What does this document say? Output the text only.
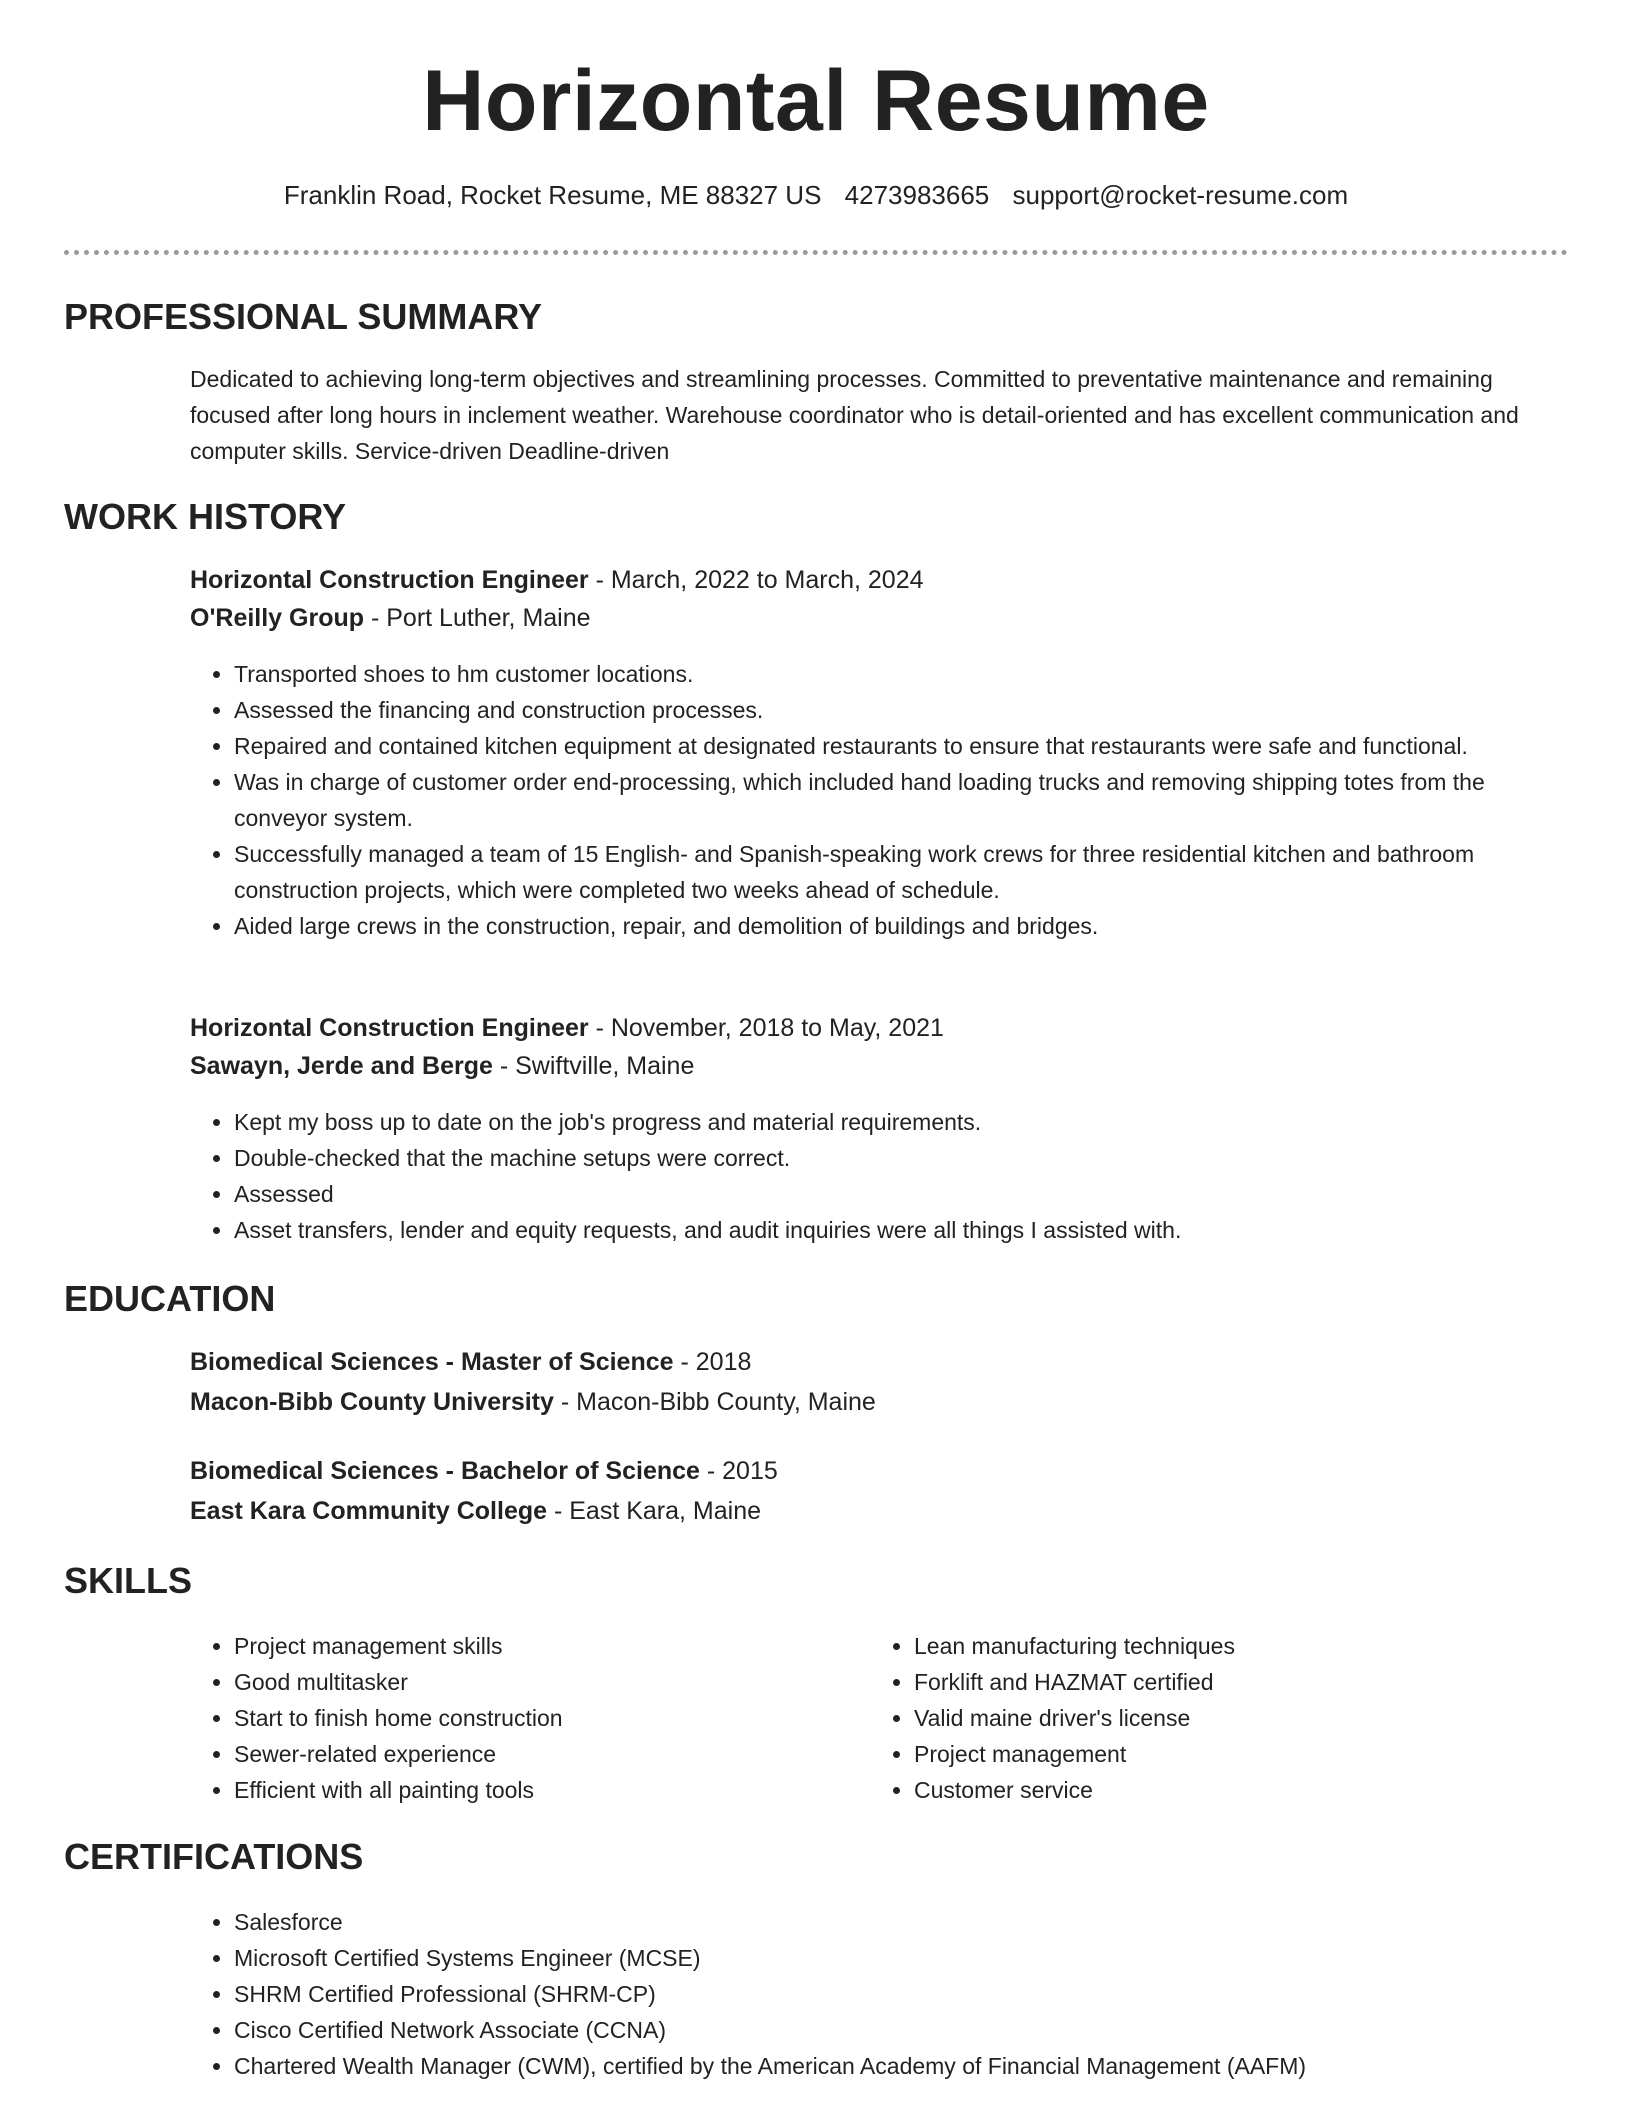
Horizontal Resume
Franklin Road, Rocket Resume, ME 88327 US 4273983665 support@rocket-resume.com
PROFESSIONAL SUMMARY
Dedicated to achieving long-term objectives and streamlining processes. Committed to preventative maintenance and remaining focused after long hours in inclement weather. Warehouse coordinator who is detail-oriented and has excellent communication and computer skills. Service-driven Deadline-driven
WORK HISTORY
Horizontal Construction Engineer - March, 2022 to March, 2024
O'Reilly Group - Port Luther, Maine
• Transported shoes to hm customer locations.
• Assessed the financing and construction processes.
• Repaired and contained kitchen equipment at designated restaurants to ensure that restaurants were safe and functional.
• Was in charge of customer order end-processing, which included hand loading trucks and removing shipping totes from the conveyor system.
• Successfully managed a team of 15 English- and Spanish-speaking work crews for three residential kitchen and bathroom construction projects, which were completed two weeks ahead of schedule.
• Aided large crews in the construction, repair, and demolition of buildings and bridges.
Horizontal Construction Engineer - November, 2018 to May, 2021
Sawayn, Jerde and Berge - Swiftville, Maine
• Kept my boss up to date on the job's progress and material requirements.
• Double-checked that the machine setups were correct.
• Assessed
• Asset transfers, lender and equity requests, and audit inquiries were all things I assisted with.
EDUCATION
Biomedical Sciences - Master of Science - 2018
Macon-Bibb County University - Macon-Bibb County, Maine
Biomedical Sciences - Bachelor of Science - 2015
East Kara Community College - East Kara, Maine
SKILLS
• Project management skills
• Good multitasker
• Start to finish home construction
• Sewer-related experience
• Efficient with all painting tools
• Lean manufacturing techniques
• Forklift and HAZMAT certified
• Valid maine driver's license
• Project management
• Customer service
CERTIFICATIONS
• Salesforce
• Microsoft Certified Systems Engineer (MCSE)
• SHRM Certified Professional (SHRM-CP)
• Cisco Certified Network Associate (CCNA)
• Chartered Wealth Manager (CWM), certified by the American Academy of Financial Management (AAFM)
